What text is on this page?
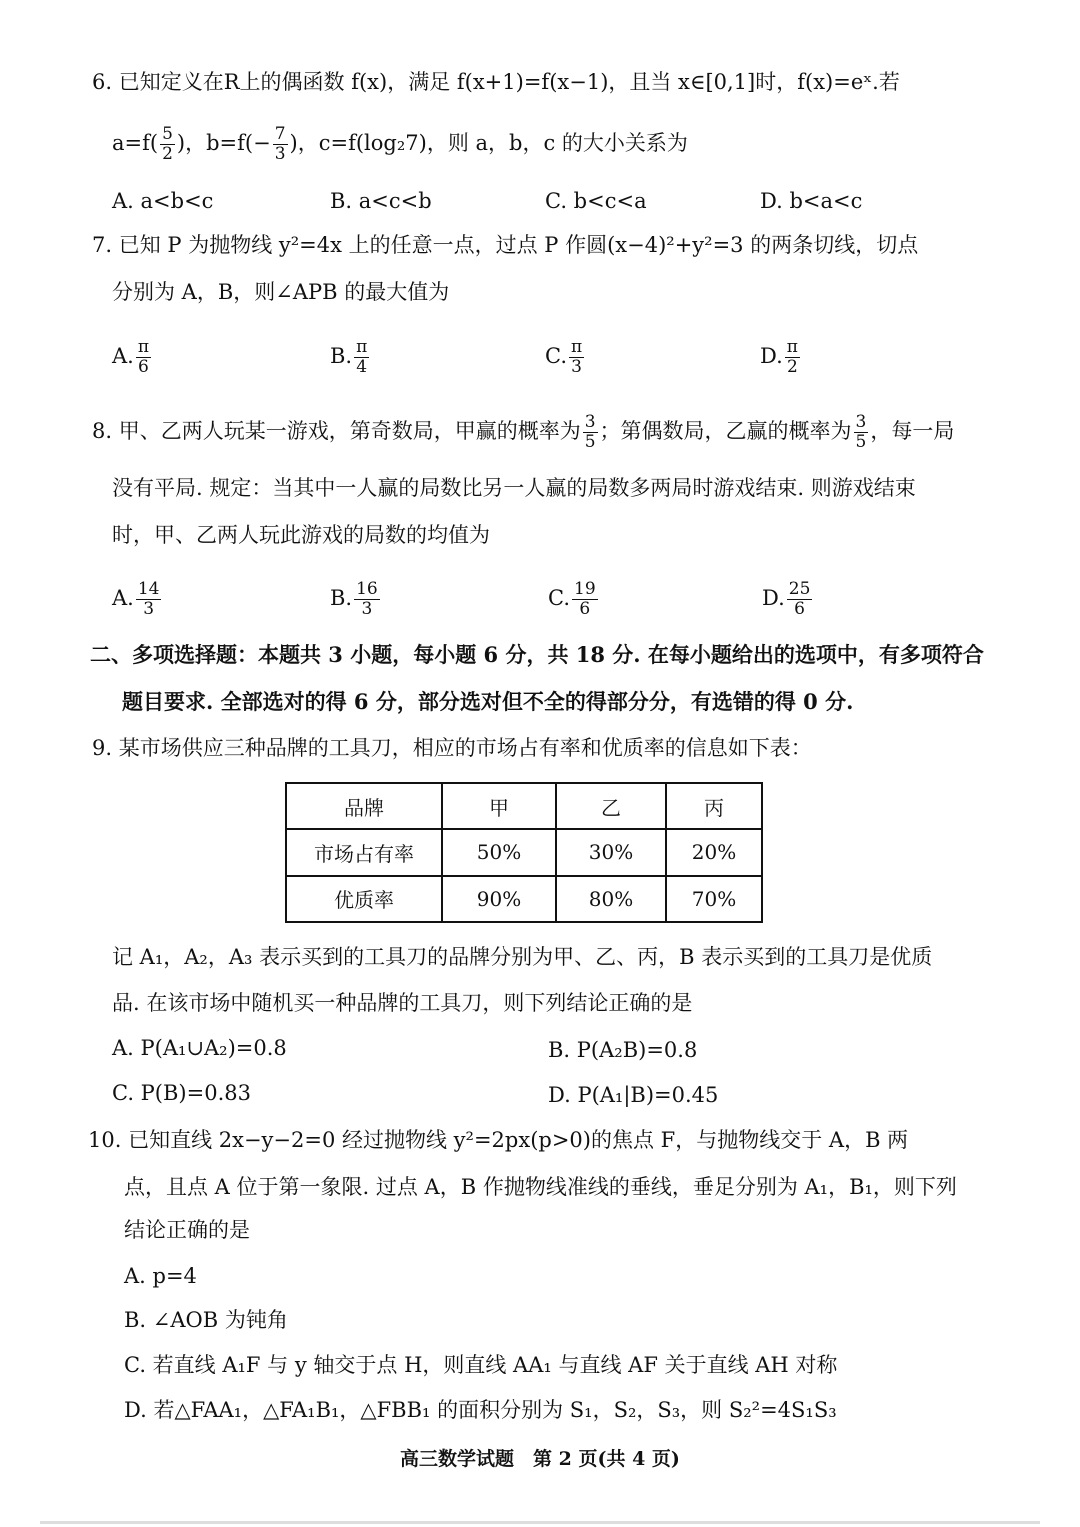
6. 已知定义在R上的偶函数 f(x)，满足 f(x+1)=f(x−1)，且当 x∈[0,1]时，f(x)=eˣ.若
$a=f( \frac{5}{2}$ )，$b=f(- \frac{7}{3}$ )，c=f(log₂7)，则 a，b，c 的大小关系为
A. a<b<c	B. a<c<b	C. b<c<a	D. b<a<c
7. 已知 P 为抛物线 y²=4x 上的任意一点，过点 P 作圆(x−4)²+y²=3 的两条切线，切点
分别为 A，B，则∠APB 的最大值为
A. $\frac{\pi}{6}$	B. $\frac{\pi}{4}$	C. $\frac{\pi}{3}$	D. $\frac{\pi}{2}$
8. 甲、乙两人玩某一游戏，第奇数局，甲赢的概率为 $\frac{3}{5}$ ；第偶数局，乙赢的概率为 $\frac{3}{5}$ ，每一局
没有平局. 规定：当其中一人赢的局数比另一人赢的局数多两局时游戏结束. 则游戏结束
时，甲、乙两人玩此游戏的局数的均值为
A. $\frac{14}{3}$	B. $\frac{16}{3}$	C. $\frac{19}{6}$	D. $\frac{25}{6}$
二、多项选择题：本题共 3 小题，每小题 6 分，共 18 分. 在每小题给出的选项中，有多项符合
题目要求. 全部选对的得 6 分，部分选对但不全的得部分分，有选错的得 0 分.
9. 某市场供应三种品牌的工具刀，相应的市场占有率和优质率的信息如下表：
品牌	甲	乙	丙
市场占有率	50%	30%	20%
优质率	90%	80%	70%
记 A₁，A₂，A₃ 表示买到的工具刀的品牌分别为甲、乙、丙，B 表示买到的工具刀是优质
品. 在该市场中随机买一种品牌的工具刀，则下列结论正确的是
A. P(A₁∪A₂)=0.8	B. P(A₂B)=0.8
C. P(B)=0.83	D. P(A₁|B)=0.45
10. 已知直线 2x−y−2=0 经过抛物线 y²=2px(p>0)的焦点 F，与抛物线交于 A，B 两
点，且点 A 位于第一象限. 过点 A，B 作抛物线准线的垂线，垂足分别为 A₁，B₁，则下列
结论正确的是
A. p=4
B. ∠AOB 为钝角
C. 若直线 A₁F 与 y 轴交于点 H，则直线 AA₁ 与直线 AF 关于直线 AH 对称
D. 若△FAA₁，△FA₁B₁，△FBB₁ 的面积分别为 S₁，S₂，S₃，则 S₂²=4S₁S₃
高三数学试题　第 2 页(共 4 页)
